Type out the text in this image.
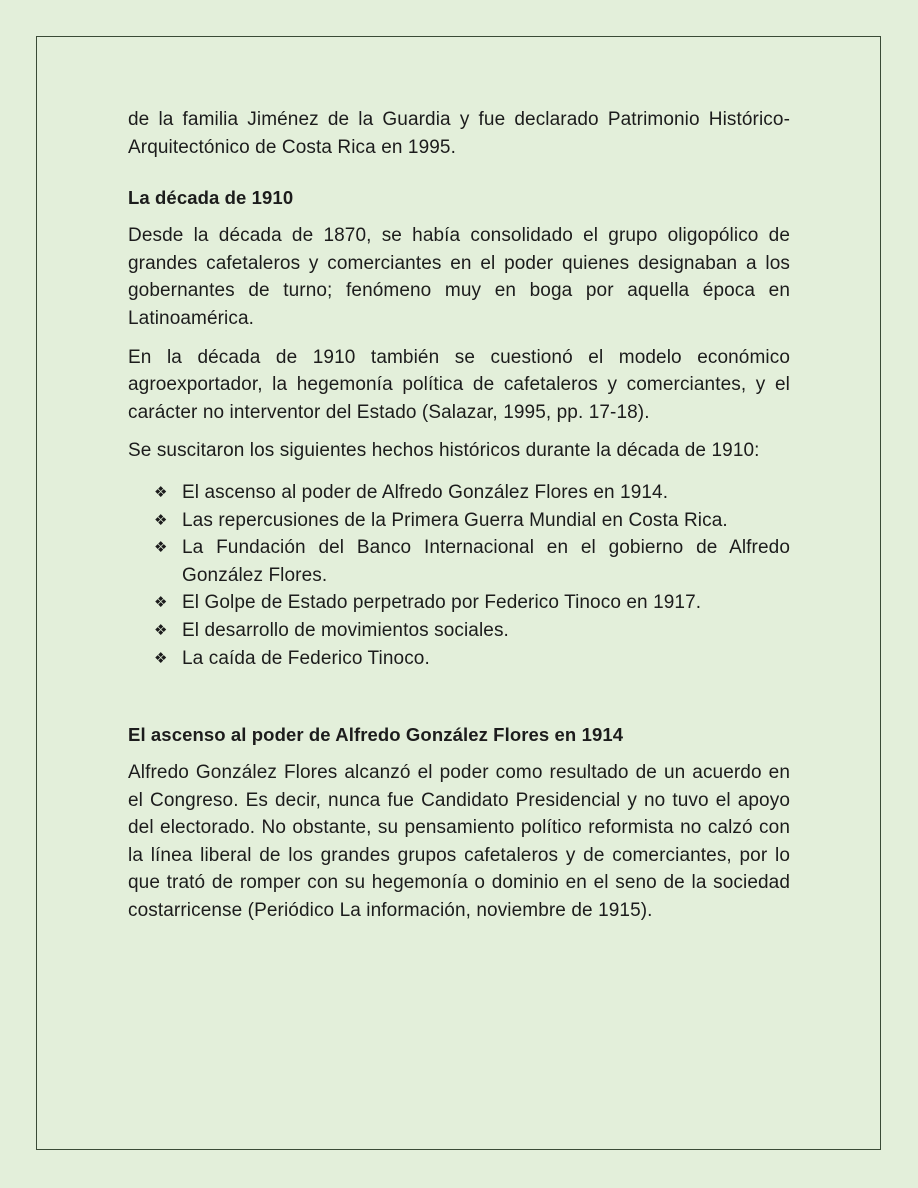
de la familia Jiménez de la Guardia y fue declarado Patrimonio Histórico-Arquitectónico de Costa Rica en 1995.

La década de 1910

Desde la década de 1870, se había consolidado el grupo oligopólico de grandes cafetaleros y comerciantes en el poder quienes designaban a los gobernantes de turno; fenómeno muy en boga por aquella época en Latinoamérica.

En la década de 1910 también se cuestionó el modelo económico agroexportador, la hegemonía política de cafetaleros y comerciantes, y el carácter no interventor del Estado (Salazar, 1995, pp. 17-18).

Se suscitaron los siguientes hechos históricos durante la década de 1910:

❖ El ascenso al poder de Alfredo González Flores en 1914.
❖ Las repercusiones de la Primera Guerra Mundial en Costa Rica.
❖ La Fundación del Banco Internacional en el gobierno de Alfredo González Flores.
❖ El Golpe de Estado perpetrado por Federico Tinoco en 1917.
❖ El desarrollo de movimientos sociales.
❖ La caída de Federico Tinoco.
El ascenso al poder de Alfredo González Flores en 1914

Alfredo González Flores alcanzó el poder como resultado de un acuerdo en el Congreso. Es decir, nunca fue Candidato Presidencial y no tuvo el apoyo del electorado. No obstante, su pensamiento político reformista no calzó con la línea liberal de los grandes grupos cafetaleros y de comerciantes, por lo que trató de romper con su hegemonía o dominio en el seno de la sociedad costarricense (Periódico La información, noviembre de 1915).
